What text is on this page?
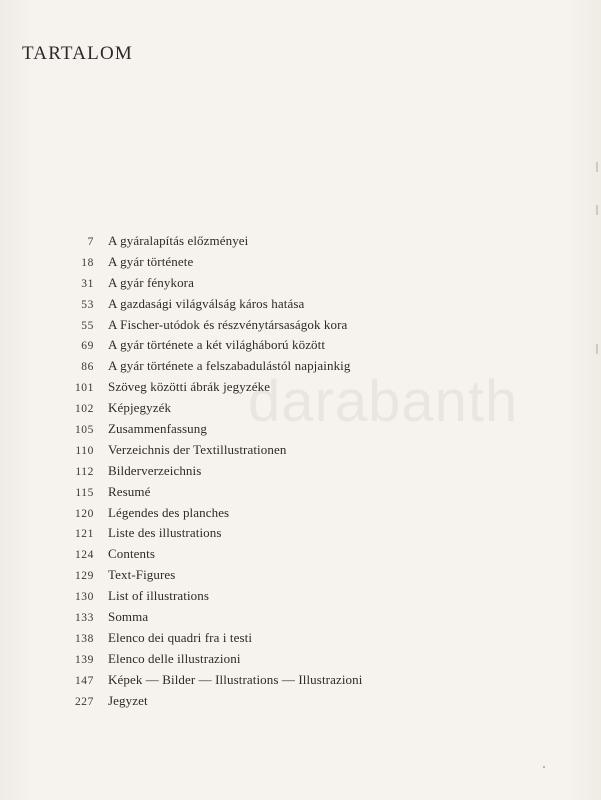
TARTALOM
7 A gyáralapítás előzményei
18 A gyár története
31 A gyár fénykora
53 A gazdasági világválság káros hatása
55 A Fischer-utódok és részvénytársaságok kora
69 A gyár története a két világháború között
86 A gyár története a felszabadulástól napjainkig
101 Szöveg közötti ábrák jegyzéke
102 Képjegyzék
105 Zusammenfassung
110 Verzeichnis der Textillustrationen
112 Bilderverzeichnis
115 Resumé
120 Légendes des planches
121 Liste des illustrations
124 Contents
129 Text-Figures
130 List of illustrations
133 Somma
138 Elenco dei quadri fra i testi
139 Elenco delle illustrazioni
147 Képek — Bilder — Illustrations — Illustrazioni
227 Jegyzet
darabanth
